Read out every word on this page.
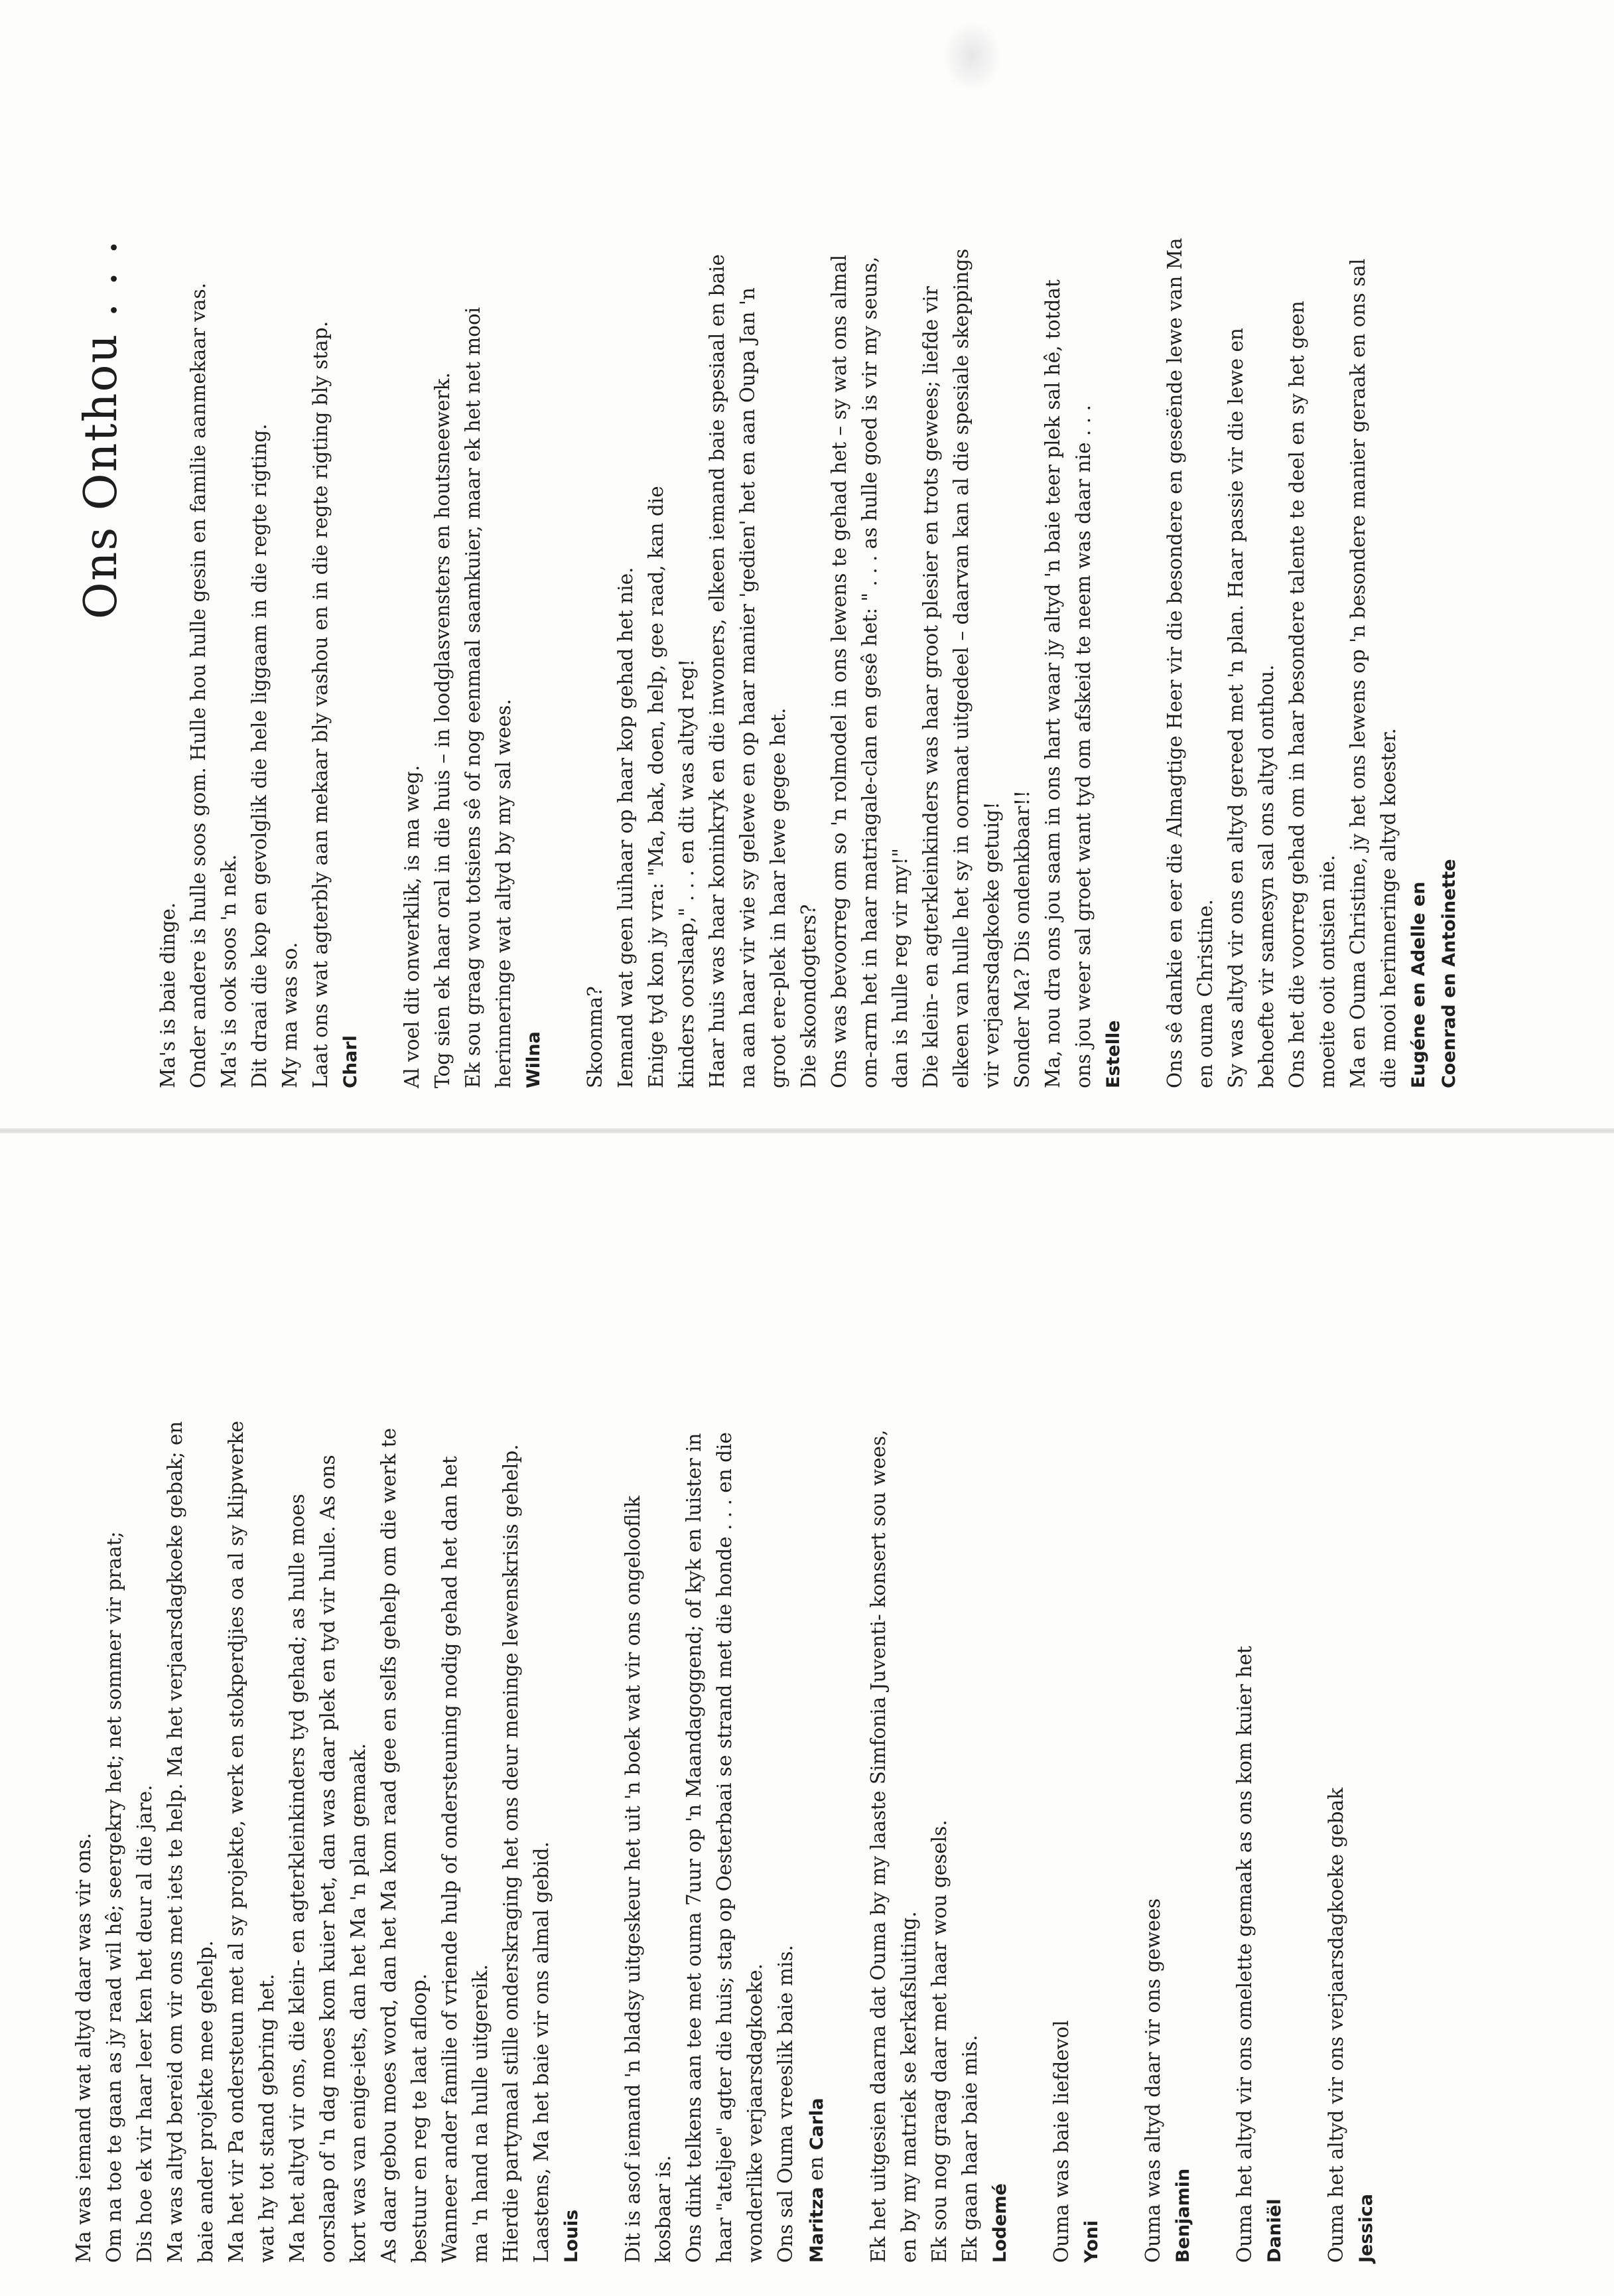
Ons Onthou . . .

Ma's is baie dinge. Onder andere is hulle soos gom. Hulle hou hulle gesin en familie aanmekaar vas. Ma's is ook soos 'n nek. Dit draai die kop en gevolglik die hele liggaam in die regte rigting. My ma was so. Laat ons wat agterbly aan mekaar bly vashou en in die regte rigting bly stap. Charl Al voel dit onwerklik, is ma weg. Tog sien ek haar oral in die huis – in loodglasvensters en houtsneewerk. Ek sou graag wou totsiens sê of nog eenmaal saamkuier, maar ek het net mooi herinneringe wat altyd by my sal wees. Wilna Skoonma? Iemand wat geen luihaar op haar kop gehad het nie. Enige tyd kon jy vra: "Ma, bak, doen, help, gee raad, kan die kinders oorslaap," . . . en dit was altyd reg! Haar huis was haar koninkryk en die inwoners, elkeen iemand baie spesiaal en baie na aan haar vir wie sy gelewe en op haar manier 'gedien' het en aan Oupa Jan 'n groot ere-plek in haar lewe gegee het. Die skoondogters? Ons was bevoorreg om so 'n rolmodel in ons lewens te gehad het – sy wat ons almal om-arm het in haar matriagale-clan en gesê het: " . . . as hulle goed is vir my seuns, dan is hulle reg vir my!" Die klein- en agterkleinkinders was haar groot plesier en trots gewees; liefde vir elkeen van hulle het sy in oormaat uitgedeel – daarvan kan al die spesiale skeppings vir verjaarsdagkoeke getuig! Sonder Ma? Dis ondenkbaar!! Ma, nou dra ons jou saam in ons hart waar jy altyd 'n baie teer plek sal hê, totdat ons jou weer sal groet want tyd om afskeid te neem was daar nie . . . Estelle Ons sê dankie en eer die Almagtige Heer vir die besondere en geseënde lewe van Ma en ouma Christine. Sy was altyd vir ons en altyd gereed met 'n plan. Haar passie vir die lewe en behoefte vir samesyn sal ons altyd onthou. Ons het die voorreg gehad om in haar besondere talente te deel en sy het geen moeite ooit ontsien nie. Ma en Ouma Christine, jy het ons lewens op 'n besondere manier geraak en ons sal die mooi herinneringe altyd koester. Eugéne en Adelle en Coenrad en Antoinette

Ma was iemand wat altyd daar was vir ons. Om na toe te gaan as jy raad wil hê; seergekry het; net sommer vir praat; Dis hoe ek vir haar leer ken het deur al die jare. Ma was altyd bereid om vir ons met iets te help. Ma het verjaarsdagkoeke gebak; en baie ander projekte mee gehelp. Ma het vir Pa ondersteun met al sy projekte, werk en stokperdjies oa al sy klipwerke wat hy tot stand gebring het. Ma het altyd vir ons, die klein- en agterkleinkinders tyd gehad; as hulle moes oorslaap of 'n dag moes kom kuier het, dan was daar plek en tyd vir hulle. As ons kort was van enige-iets, dan het Ma 'n plan gemaak. As daar gebou moes word, dan het Ma kom raad gee en selfs gehelp om die werk te bestuur en reg te laat afloop. Wanneer ander familie of vriende hulp of ondersteuning nodig gehad het dan het ma 'n hand na hulle uitgereik. Hierdie partymaal stille onderskraging het ons deur meninge lewenskrisis gehelp. Laastens, Ma het baie vir ons almal gebid. Louis Dit is asof iemand 'n bladsy uitgeskeur het uit 'n boek wat vir ons ongelooflik kosbaar is. Ons dink telkens aan tee met ouma 7uur op 'n Maandagoggend; of kyk en luister in haar "ateljee" agter die huis; stap op Oesterbaai se strand met die honde . . . en die wonderlike verjaarsdagkoeke. Ons sal Ouma vreeslik baie mis. Maritza en Carla Ek het uitgesien daarna dat Ouma by my laaste Simfonia Juventi- konsert sou wees, en by my matriek se kerkafsluiting. Ek sou nog graag daar met haar wou gesels. Ek gaan haar baie mis. Lodemé Ouma was baie liefdevol Yoni Ouma was altyd daar vir ons gewees Benjamin Ouma het altyd vir ons omelette gemaak as ons kom kuier het Daniël Ouma het altyd vir ons verjaarsdagkoeke gebak Jessica
